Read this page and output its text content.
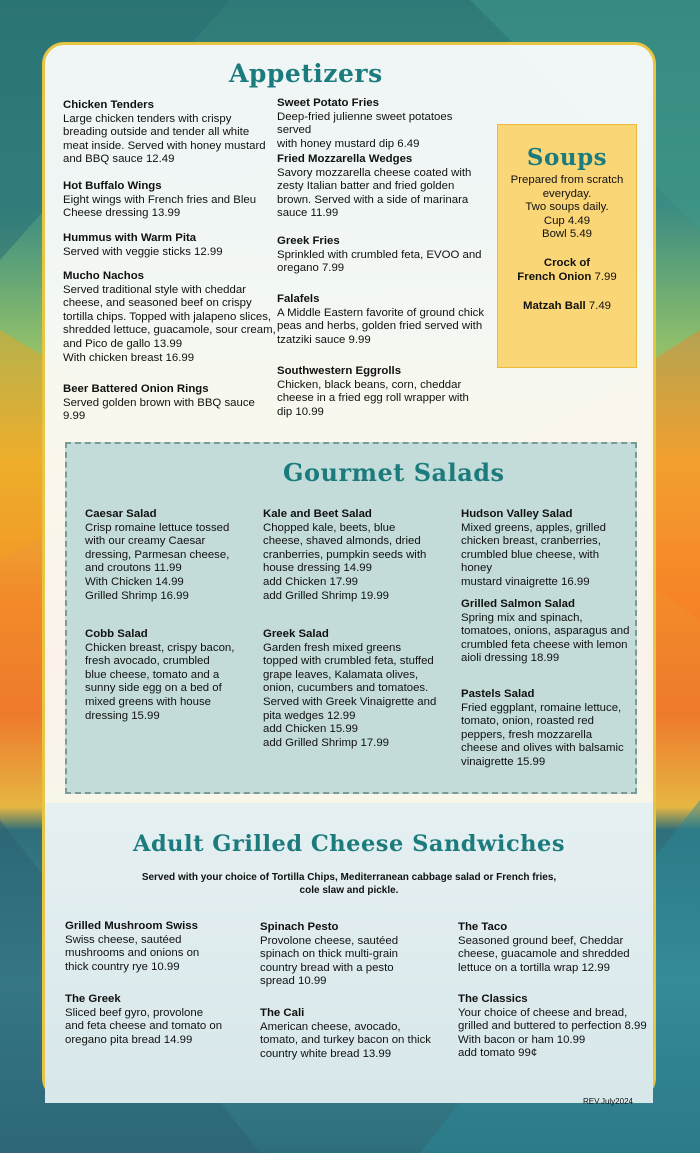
Appetizers
Chicken Tenders
Large chicken tenders with crispy
breading outside and tender all white
meat inside. Served with honey mustard
and BBQ sauce 12.49
Hot Buffalo Wings
Eight wings with French fries and Bleu
Cheese dressing 13.99
Hummus with Warm Pita
Served with veggie sticks 12.99
Mucho Nachos
Served traditional style with cheddar
cheese, and seasoned beef on crispy
tortilla chips. Topped with jalapeno slices,
shredded lettuce, guacamole, sour cream,
and Pico de gallo 13.99
With chicken breast 16.99
Beer Battered Onion Rings
Served golden brown with BBQ sauce 9.99
Sweet Potato Fries
Deep-fried julienne sweet potatoes served
with honey mustard dip 6.49
Fried Mozzarella Wedges
Savory mozzarella cheese coated with
zesty Italian batter and fried golden
brown. Served with a side of marinara
sauce 11.99
Greek Fries
Sprinkled with crumbled feta, EVOO and
oregano 7.99
Falafels
A Middle Eastern favorite of ground chick
peas and herbs, golden fried served with
tzatziki sauce 9.99
Southwestern Eggrolls
Chicken, black beans, corn, cheddar
cheese in a fried egg roll wrapper with
dip 10.99
Soups
Prepared from scratch
everyday.
Two soups daily.
Cup 4.49
Bowl 5.49
Crock of
French Onion 7.99
Matzah Ball 7.49
Gourmet Salads
Caesar Salad
Crisp romaine lettuce tossed
with our creamy Caesar
dressing, Parmesan cheese,
and croutons 11.99
With Chicken 14.99
Grilled Shrimp 16.99
Cobb Salad
Chicken breast, crispy bacon,
fresh avocado, crumbled
blue cheese, tomato and a
sunny side egg on a bed of
mixed greens with house
dressing 15.99
Kale and Beet Salad
Chopped kale, beets, blue
cheese, shaved almonds, dried
cranberries, pumpkin seeds with
house dressing 14.99
add Chicken 17.99
add Grilled Shrimp 19.99
Greek Salad
Garden fresh mixed greens
topped with crumbled feta, stuffed
grape leaves, Kalamata olives,
onion, cucumbers and tomatoes.
Served with Greek Vinaigrette and
pita wedges 12.99
add Chicken 15.99
add Grilled Shrimp 17.99
Hudson Valley Salad
Mixed greens, apples, grilled
chicken breast, cranberries,
crumbled blue cheese, with honey
mustard vinaigrette 16.99
Grilled Salmon Salad
Spring mix and spinach,
tomatoes, onions, asparagus and
crumbled feta cheese with lemon
aioli dressing 18.99
Pastels Salad
Fried eggplant, romaine lettuce,
tomato, onion, roasted red
peppers, fresh mozzarella
cheese and olives with balsamic
vinaigrette 15.99
Adult Grilled Cheese Sandwiches
Served with your choice of Tortilla Chips, Mediterranean cabbage salad or French fries,
cole slaw and pickle.
Grilled Mushroom Swiss
Swiss cheese, sautéed
mushrooms and onions on
thick country rye 10.99
The Greek
Sliced beef gyro, provolone
and feta cheese and tomato on
oregano pita bread 14.99
Spinach Pesto
Provolone cheese, sautéed
spinach on thick multi-grain
country bread with a pesto
spread 10.99
The Cali
American cheese, avocado,
tomato, and turkey bacon on thick
country white bread 13.99
The Taco
Seasoned ground beef, Cheddar
cheese, guacamole and shredded
lettuce on a tortilla wrap 12.99
The Classics
Your choice of cheese and bread,
grilled and buttered to perfection 8.99
With bacon or ham 10.99
add tomato 99¢
REV.July2024
